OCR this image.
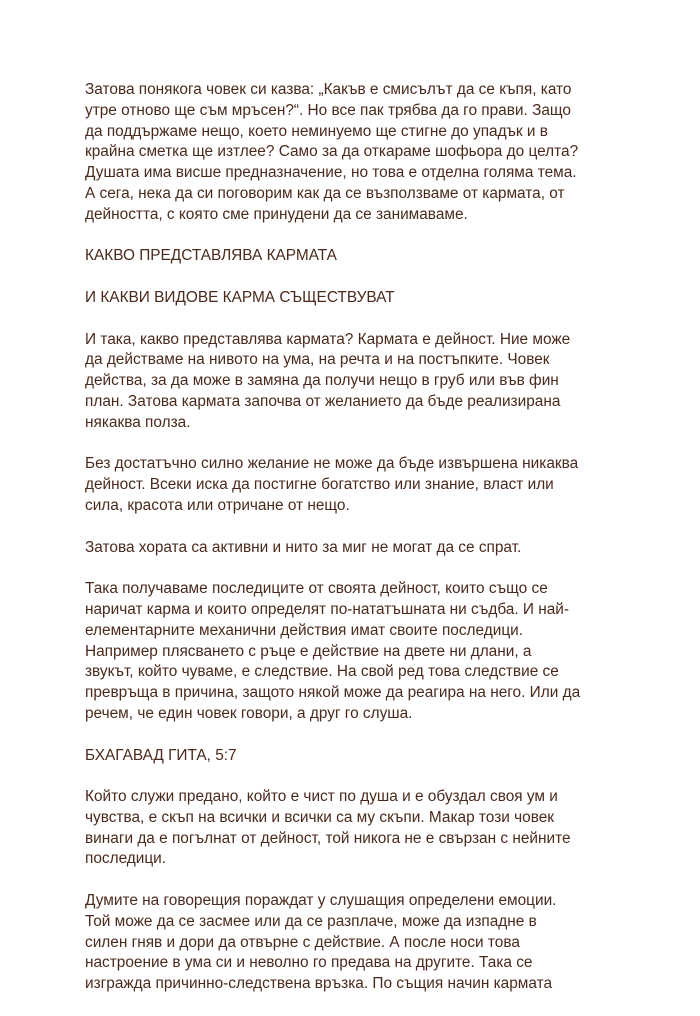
Затова понякога човек си казва: „Какъв е смисълът да се къпя, като
утре отново ще съм мръсен?“. Но все пак трябва да го прави. Защо
да поддържаме нещо, което неминуемо ще стигне до упадък и в
крайна сметка ще изтлее? Само за да откараме шофьора до целта?
Душата има висше предназначение, но това е отделна голяма тема.
А сега, нека да си поговорим как да се възползваме от кармата, от
дейността, с която сме принудени да се занимаваме.

КАКВО ПРЕДСТАВЛЯВА КАРМАТА
И КАКВИ ВИДОВЕ КАРМА СЪЩЕСТВУВАТ

И така, какво представлява кармата? Кармата е дейност. Ние може
да действаме на нивото на ума, на речта и на постъпките. Човек
действа, за да може в замяна да получи нещо в груб или във фин
план. Затова кармата започва от желанието да бъде реализирана
някаква полза.

Без достатъчно силно желание не може да бъде извършена никаква
дейност. Всеки иска да постигне богатство или знание, власт или
сила, красота или отричане от нещо.

Затова хората са активни и нито за миг не могат да се спрат.

Така получаваме последиците от своята дейност, които също се
наричат карма и които определят по-нататъшната ни съдба. И най-
елементарните механични действия имат своите последици.
Например плясването с ръце е действие на двете ни длани, а
звукът, който чуваме, е следствие. На свой ред това следствие се
превръща в причина, защото някой може да реагира на него. Или да
речем, че един човек говори, а друг го слуша.

БХАГАВАД ГИТА, 5:7

Който служи предано, който е чист по душа и е обуздал своя ум и
чувства, е скъп на всички и всички са му скъпи. Макар този човек
винаги да е погълнат от дейност, той никога не е свързан с нейните
последици.

Думите на говорещия пораждат у слушащия определени емоции.
Той може да се засмее или да се разплаче, може да изпадне в
силен гняв и дори да отвърне с действие. А после носи това
настроение в ума си и неволно го предава на другите. Така се
изгражда причинно-следствена връзка. По същия начин кармата
